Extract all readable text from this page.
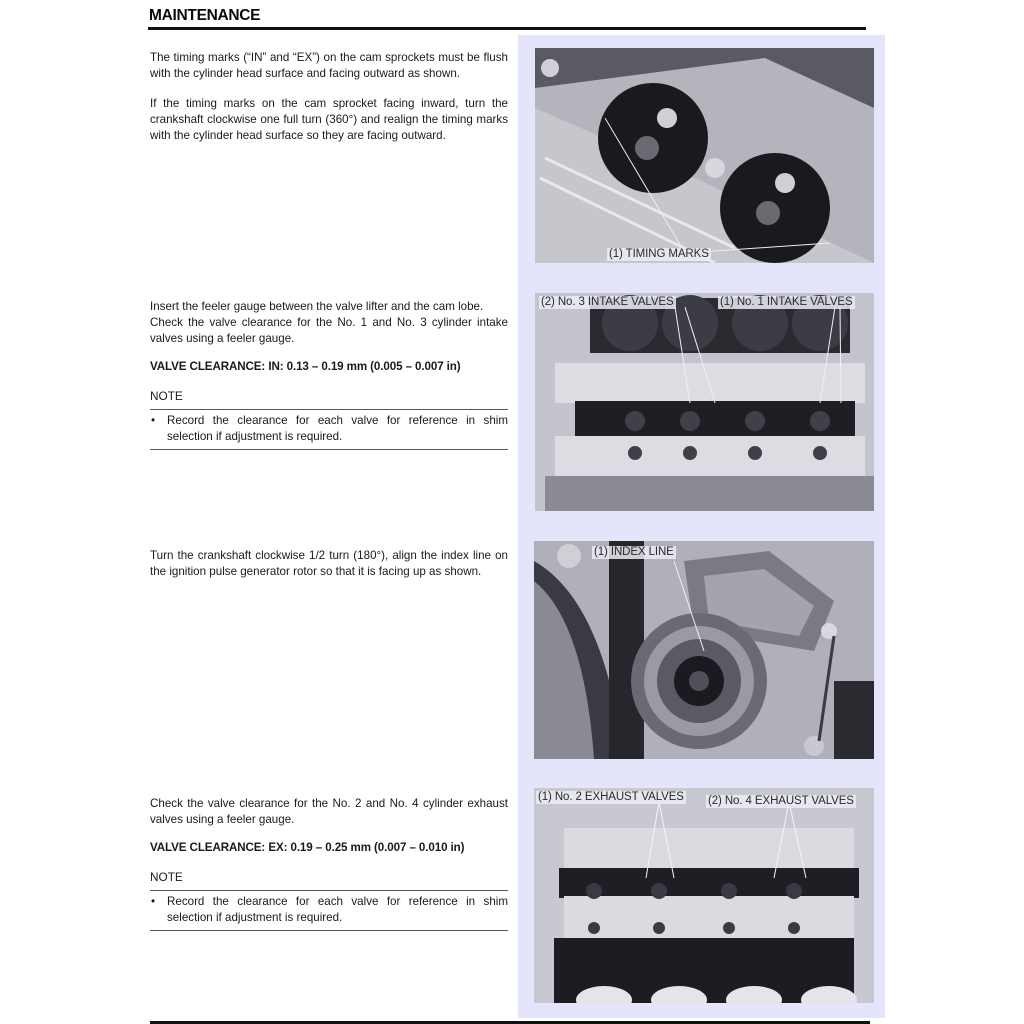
MAINTENANCE

The timing marks (“IN” and “EX”) on the cam sprockets must be flush with the cylinder head surface and facing outward as shown.

If the timing marks on the cam sprocket facing inward, turn the crankshaft clockwise one full turn (360°) and realign the timing marks with the cylinder head surface so they are facing outward.

(1) TIMING MARKS

Insert the feeler gauge between the valve lifter and the cam lobe.

Check the valve clearance for the No. 1 and No. 3 cylinder intake valves using a feeler gauge.

VALVE CLEARANCE: IN: 0.13 – 0.19 mm (0.005 – 0.007 in)

NOTE

•	Record the clearance for each valve for reference in shim selection if adjustment is required.
(2) No. 3 INTAKE VALVES	(1) No. 1 INTAKE VALVES

Turn the crankshaft clockwise 1/2 turn (180°), align the index line on the ignition pulse generator rotor so that it is facing up as shown.

(1) INDEX LINE

Check the valve clearance for the No. 2 and No. 4 cylinder exhaust valves using a feeler gauge.

VALVE CLEARANCE: EX: 0.19 – 0.25 mm (0.007 – 0.010 in)

NOTE

•	Record the clearance for each valve for reference in shim selection if adjustment is required.
(1) No. 2 EXHAUST VALVES (2) No. 4 EXHAUST VALVES
